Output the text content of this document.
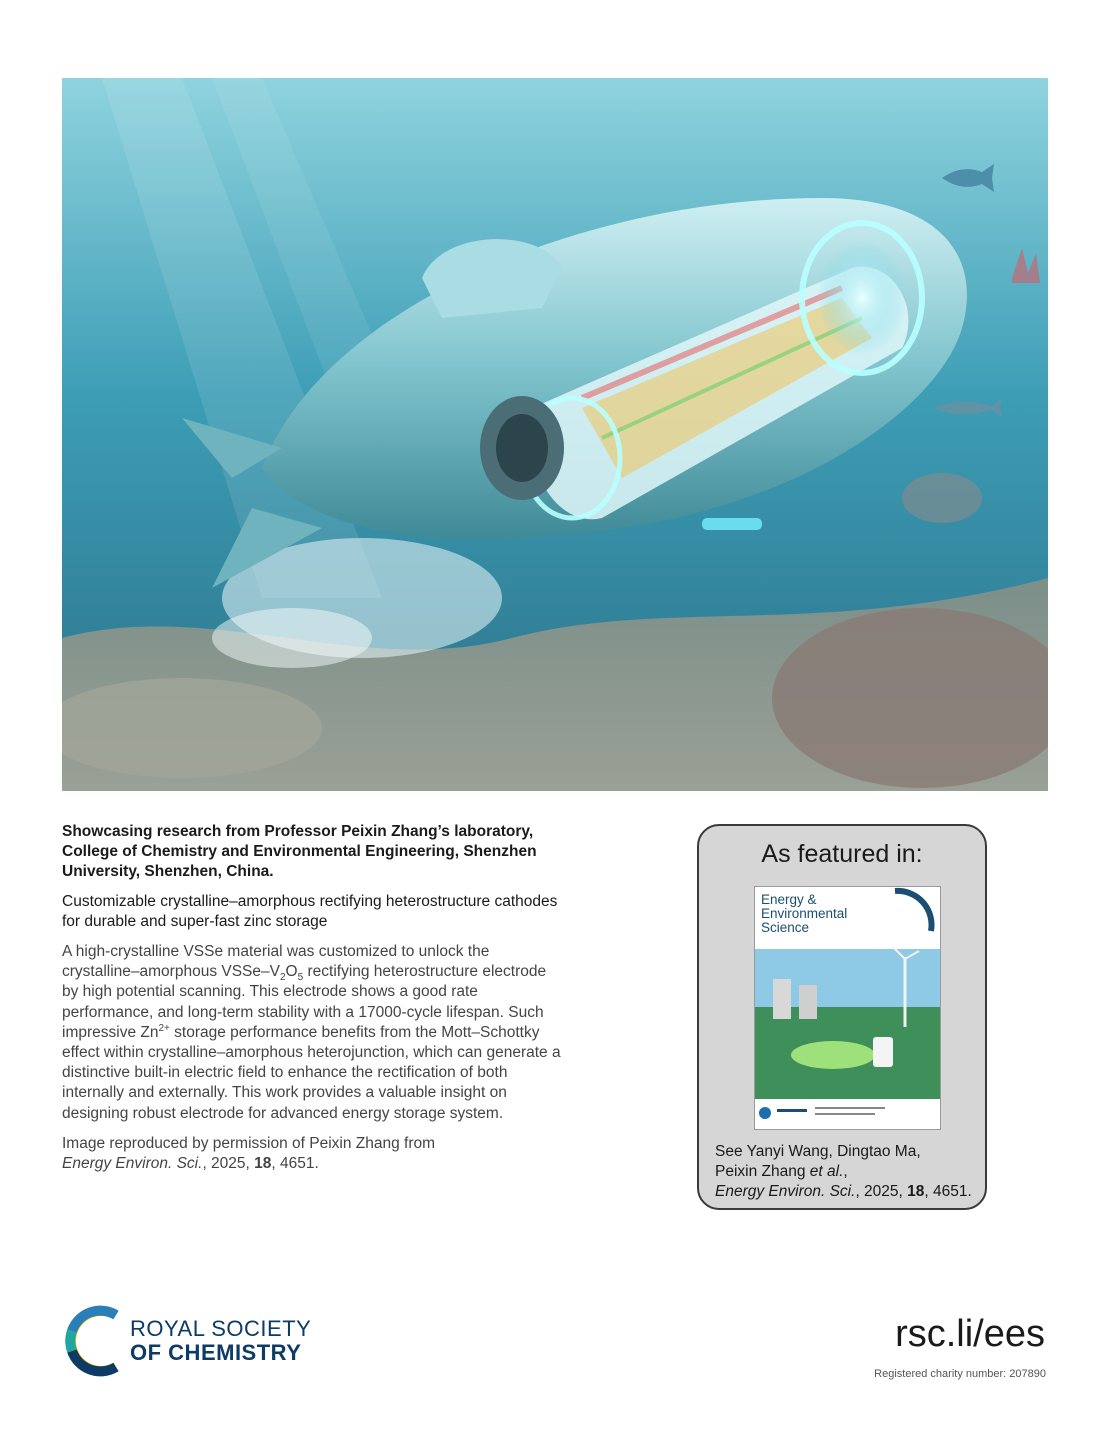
Showcasing research from Professor Peixin Zhang’s laboratory, College of Chemistry and Environmental Engineering, Shenzhen University, Shenzhen, China.

Customizable crystalline–amorphous rectifying heterostructure cathodes for durable and super-fast zinc storage

A high-crystalline VSSe material was customized to unlock the crystalline–amorphous VSSe–$V_2O_5$ rectifying heterostructure electrode by high potential scanning. This electrode shows a good rate performance, and long-term stability with a 17000-cycle lifespan. Such impressive $Zn^{2+}$ storage performance benefits from the Mott–Schottky effect within crystalline–amorphous heterojunction, which can generate a distinctive built-in electric field to enhance the rectification of both internally and externally. This work provides a valuable insight on designing robust electrode for advanced energy storage system.

Image reproduced by permission of Peixin Zhang from
Energy Environ. Sci., 2025, 18, 4651.

As featured in:
Energy & Environmental Science
See Yanyi Wang, Dingtao Ma,
Peixin Zhang et al.,
Energy Environ. Sci., 2025, 18, 4651.
ROYAL SOCIETY
OF CHEMISTRY	rsc.li/ees
Registered charity number: 207890
